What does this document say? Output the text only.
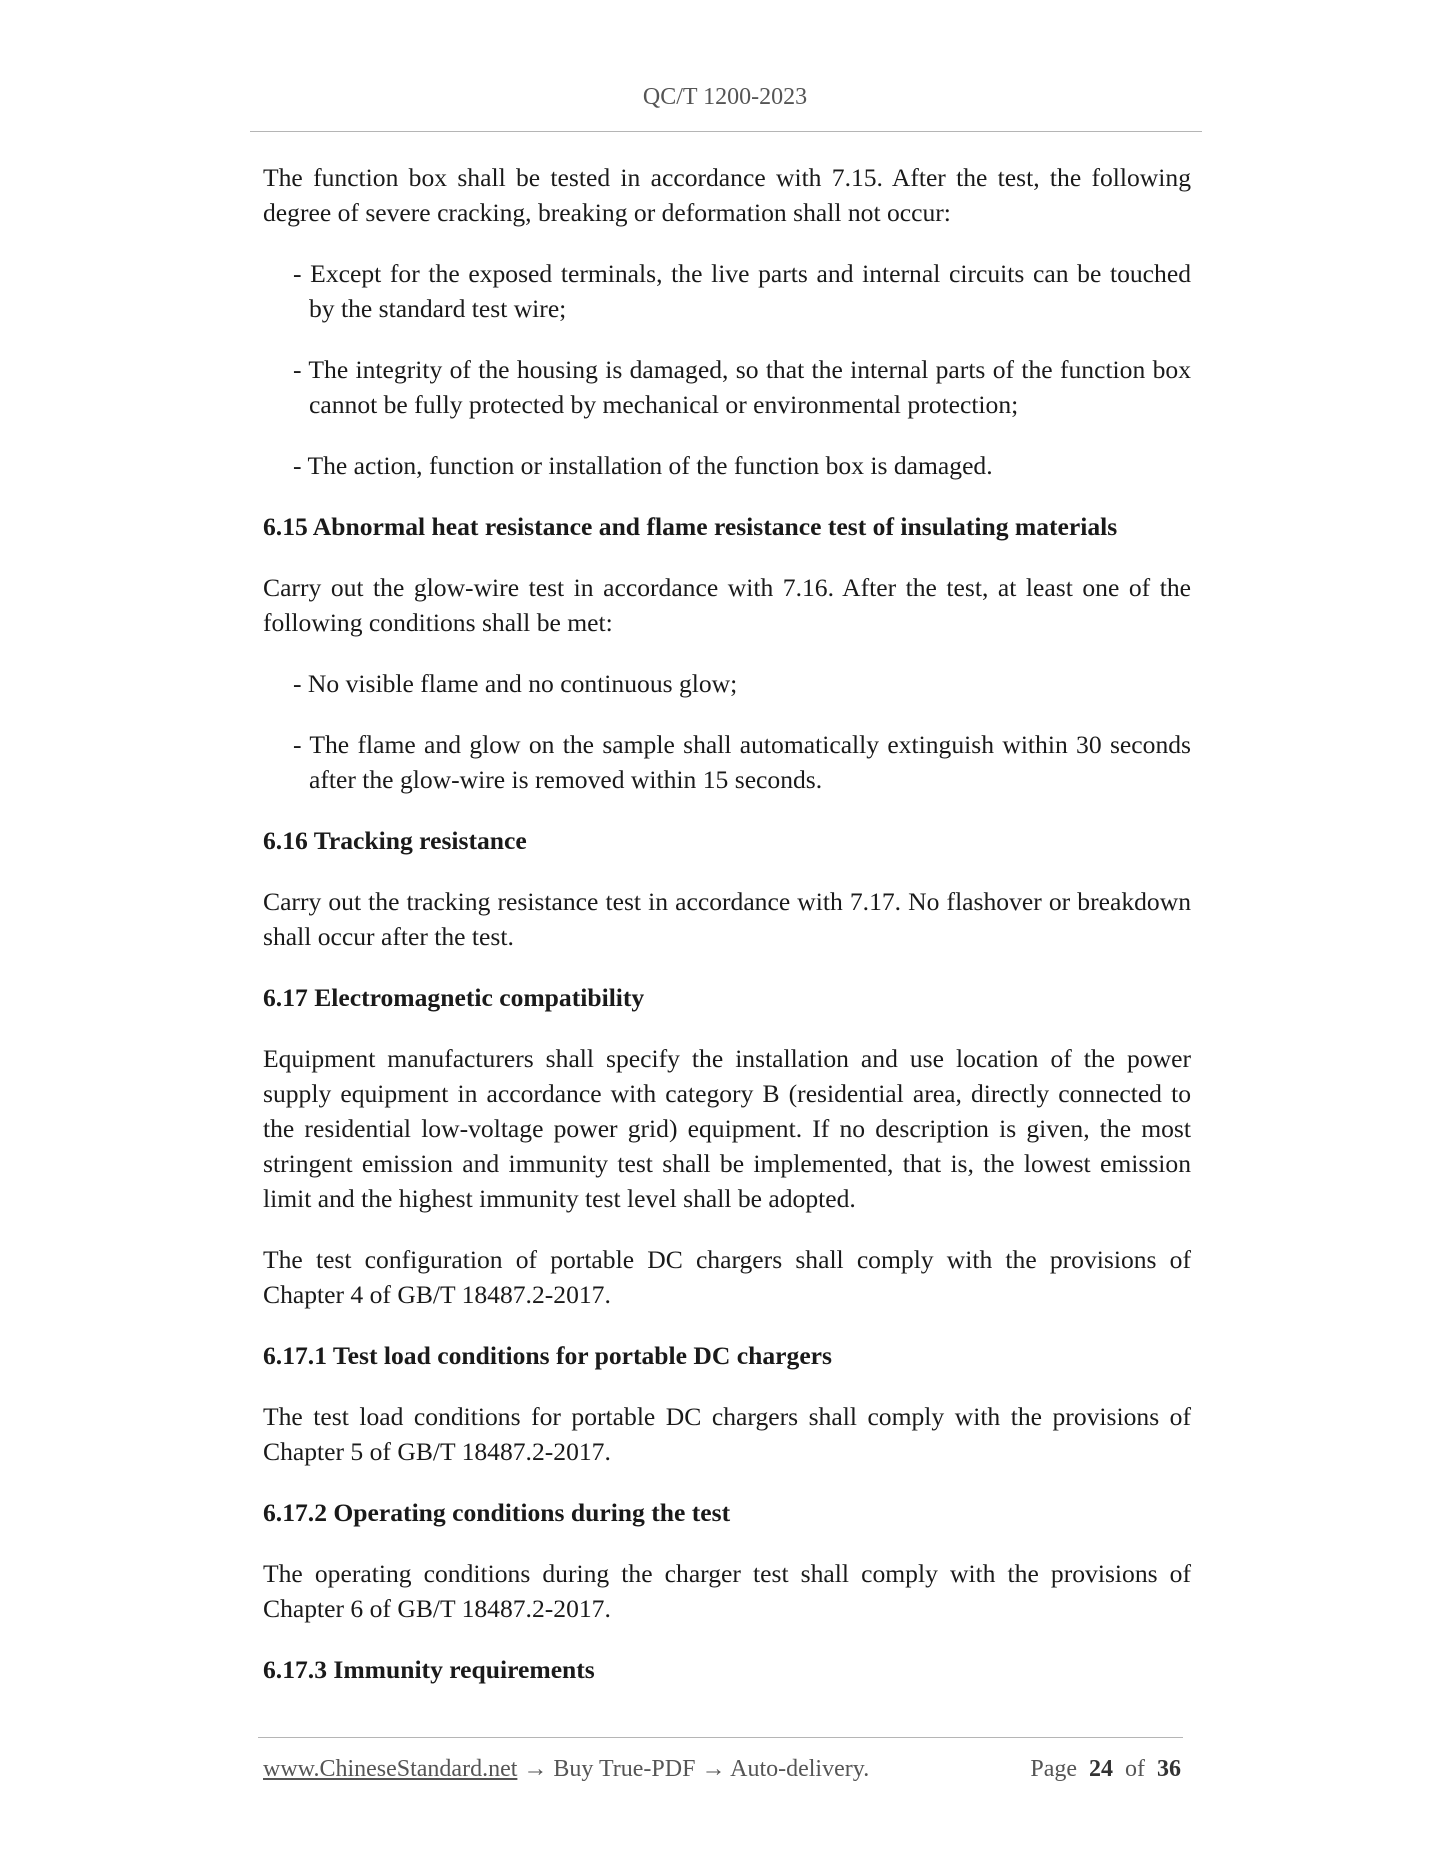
QC/T 1200-2023

The function box shall be tested in accordance with 7.15. After the test, the following degree of severe cracking, breaking or deformation shall not occur:

- Except for the exposed terminals, the live parts and internal circuits can be touched by the standard test wire;

- The integrity of the housing is damaged, so that the internal parts of the function box cannot be fully protected by mechanical or environmental protection;

- The action, function or installation of the function box is damaged.

6.15 Abnormal heat resistance and flame resistance test of insulating materials

Carry out the glow-wire test in accordance with 7.16. After the test, at least one of the following conditions shall be met:

- No visible flame and no continuous glow;

- The flame and glow on the sample shall automatically extinguish within 30 seconds after the glow-wire is removed within 15 seconds.

6.16 Tracking resistance

Carry out the tracking resistance test in accordance with 7.17. No flashover or breakdown shall occur after the test.

6.17 Electromagnetic compatibility

Equipment manufacturers shall specify the installation and use location of the power supply equipment in accordance with category B (residential area, directly connected to the residential low-voltage power grid) equipment. If no description is given, the most stringent emission and immunity test shall be implemented, that is, the lowest emission limit and the highest immunity test level shall be adopted.

The test configuration of portable DC chargers shall comply with the provisions of Chapter 4 of GB/T 18487.2-2017.

6.17.1 Test load conditions for portable DC chargers

The test load conditions for portable DC chargers shall comply with the provisions of Chapter 5 of GB/T 18487.2-2017.

6.17.2 Operating conditions during the test

The operating conditions during the charger test shall comply with the provisions of Chapter 6 of GB/T 18487.2-2017.

6.17.3 Immunity requirements
www.ChineseStandard.net → Buy True-PDF → Auto-delivery.	Page 24 of 36
